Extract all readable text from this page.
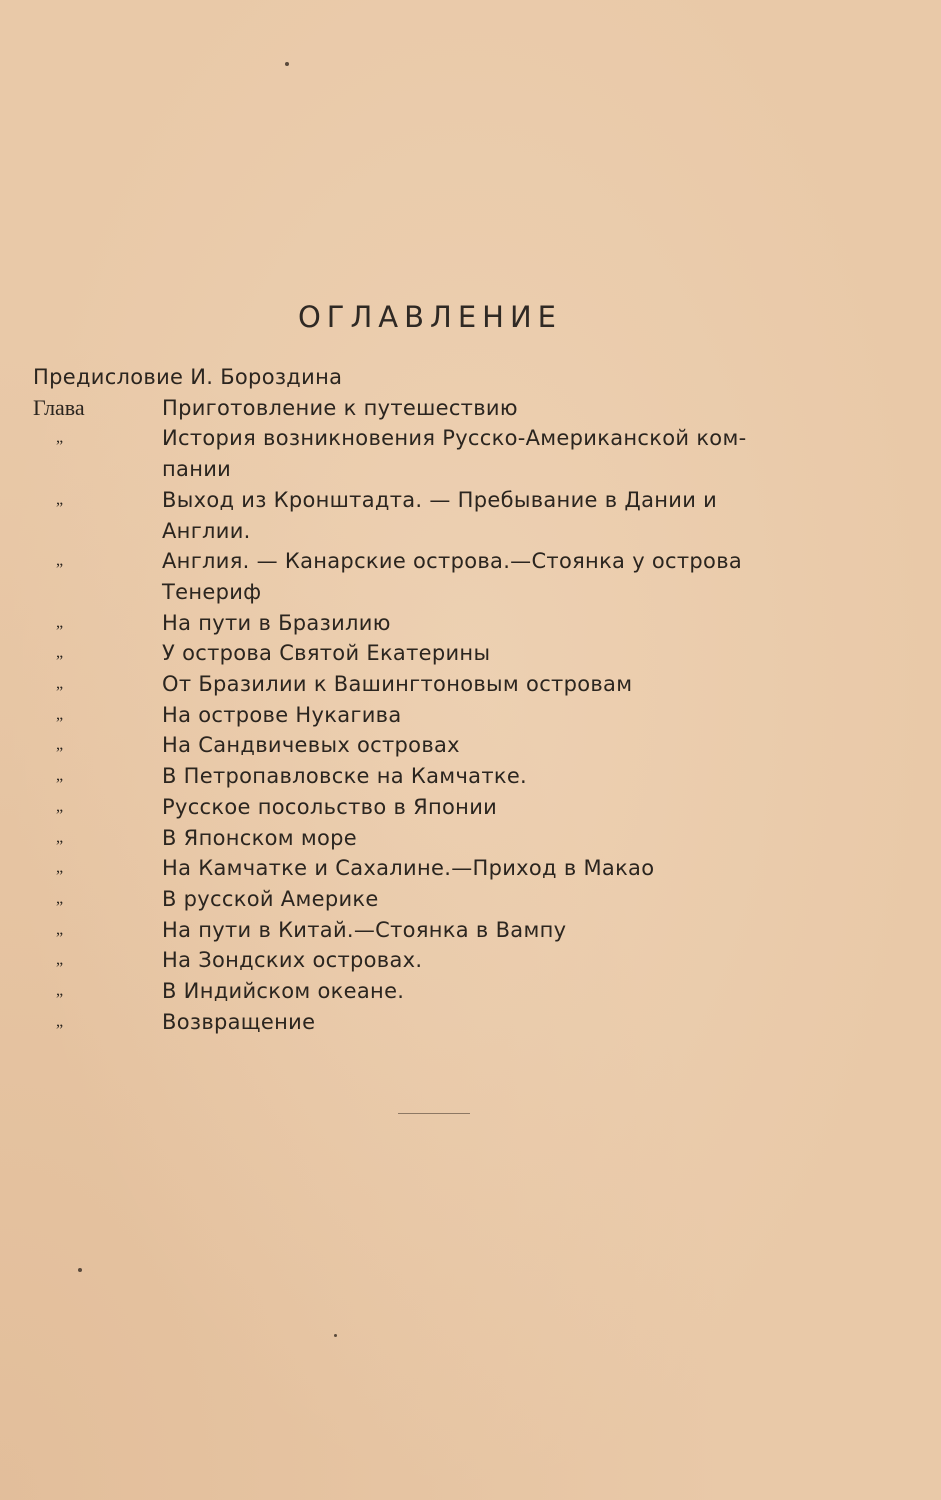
ОГЛАВЛЕНИЕ
Предисловие И. Бороздина
Глава	Приготовление к путешествию
„	История возникновения Русско-Американской ком-
пании
„	Выход из Кронштадта. — Пребывание в Дании и
Англии.
„	Англия. — Канарские острова.—Стоянка у острова
Тенериф
„	На пути в Бразилию
„	У острова Святой Екатерины
„	От Бразилии к Вашингтоновым островам
„	На острове Нукагива
„	На Сандвичевых островах
„	В Петропавловске на Камчатке.
„	Русское посольство в Японии
„	В Японском море
„	На Камчатке и Сахалине.—Приход в Макао
„	В русской Америке
„	На пути в Китай.—Стоянка в Вампу
„	На Зондских островах.
„	В Индийском океане.
„	Возвращение
